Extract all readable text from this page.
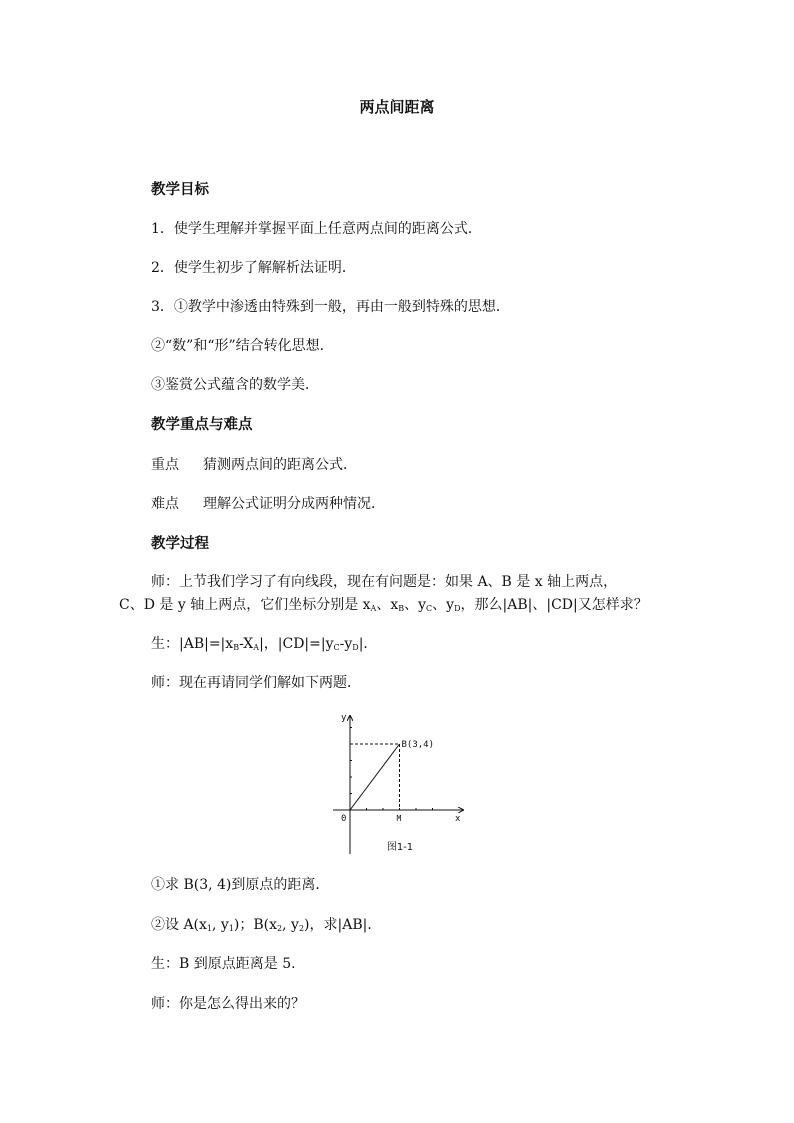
两点间距离
教学目标
1．使学生理解并掌握平面上任意两点间的距离公式．
2．使学生初步了解解析法证明．
3．①教学中渗透由特殊到一般，再由一般到特殊的思想．
②“数”和“形”结合转化思想．
③鉴赏公式蕴含的数学美．
教学重点与难点
重点 猜测两点间的距离公式．
难点 理解公式证明分成两种情况．
教学过程
师：上节我们学习了有向线段，现在有问题是：如果 A、B 是 x 轴上两点，
C、D 是 y 轴上两点，它们坐标分别是 $x_A$、$x_B$、$y_C$、$y_D$，那么|AB|、|CD|又怎样求？
生：$|AB|=|x_B-X_A|$，$|CD|=|y_C-y_D|$．
师：现在再请同学们解如下两题．
y
x
0	M
B(3,4)
图1-1
①求 B(3, 4)到原点的距离．
②设 $A(x_1$, $y_1$)；$B(x_2$, $y_2$)，求|AB|．
生：B 到原点距离是 5.
师：你是怎么得出来的？
